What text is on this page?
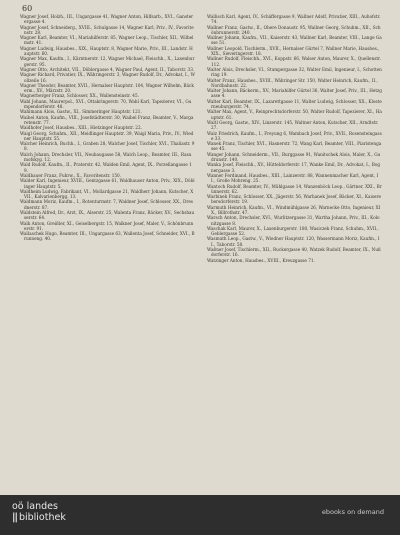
60

Wagner Josef, Holzh., III., Ungargasse 41, Wagner Anton, Hilfsarb., XVI., Gansterergasse 4.

Wagner Josef, Schneiderg., XVIII., Schulgasse 14, Wagner Karl, Priv., IV., Favoritenstr. 28.

Wagner Karl, Beamter, VI., Mariahilferstr. 85, Wagner Leop., Tischler, XII., Wilhelmstr. 41.

Wagner Ludwig, Hausbes., XIX., Hauptstr. 8, Wagner Marie, Priv., III., Landstr. Hauptstr. 60.

Wagner Max, Kaufm., I., Kärntnerstr. 12, Wagner Michael, Fleischh., X., Laxenburgerstr. 95.

Wagner Otto, Architekt, VII., Döblergasse 4, Wagner Paul, Agent, II., Taborstr. 33.

Wagner Richard, Privatier, IX., Währingerstr. 3, Wagner Rudolf, Dr., Advokat, I., Wollzeile 16.

Wagner Theodor, Beamter, XVII., Hernalser Hauptstr. 104, Wagner Wilhelm, Bäckerm., XV., Märzstr. 20.

Wagnerberger Franz, Schlosser, XX., Wallensteinstr. 45.

Wahl Johann, Maurerpol., XVI., Ottakringerstr. 70, Wahl Karl, Tapezierer, VI., Gumpendorferstr. 48.

Wahlmann Alois, Gastw., XI., Simmeringer Hauptstr. 121.

Waibel Anton, Kaufm., VIII., Josefstädterstr. 30, Waibel Franz, Beamter, V., Margaretenstr. 77.

Waidhofer Josef, Hausbes., XIII., Hietzinger Hauptstr. 22.

Waigl Georg, Schuhm., XII., Meidlinger Hauptstr. 39, Waigl Maria, Priv., IV., Wiedner Hauptstr. 55.

Walcher Heinrich, Buchh., I., Graben 28, Walcher Josef, Tischler, XVI., Thaliastr. 98.

Walch Johann, Drechsler, VII., Neubaugasse 58, Walch Leop., Beamter, III., Rasumofskyg. 12.

Wald Rudolf, Kaufm., II., Praterstr. 42, Walden Emil, Agent, IX., Porzellangasse 19.

Waldbauer Franz, Fuhrw., X., Favoritenstr. 150.

Walder Karl, Ingenieur, XVIII., Gentzgasse 61, Waldhauser Anton, Priv., XIX., Döblinger Hauptstr. 5.

Waldheim Ludwig, Fabrikant, VI., Mollardgasse 21, Waldherr Johann, Kutscher, XVII., Kalvarienbergg. 13.

Waldmann Moriz, Kaufm., I., Rotenturmstr. 7, Waldner Josef, Schlosser, XX., Dresdnerstr. 87.

Waldstein Alfred, Dr., Arzt, IX., Alserstr. 25, Walenta Franz, Bäcker, XV., Sechshauserstr. 64.

Walk Anton, Greißler, XI., Geiselbergstr. 15, Walkner Josef, Maler, V., Schönbrunnerstr. 91.

Wallaschek Hugo, Beamter, III., Ungargasse 63, Wallenta Josef, Schneider, XVI., Brunneng. 40.

Wallisch Karl, Agent, IV., Schäffergasse 9, Wallner Adolf, Privatier, XIII., Auhofstr. 74.

Wallner Franz, Gastw., II., Obere Donaustr. 95, Wallner Georg, Schuhm., XII., Schönbrunnerstr. 240.

Wallner Johann, Kaufm., VII., Kaiserstr. 43, Wallner Karl, Beamter, VIII., Lange Gasse 51.

Wallner Leopold, Tischlerm., XVII., Hernalser Gürtel 7, Wallner Marie, Hausbes., XIX., Sieveringerstr. 18.

Wallner Rudolf, Fleischh., XVI., Koppstr. 66, Walser Anton, Maurer, X., Quellenstr. 112.

Walter Alois, Drechsler, VI., Stumpergasse 32, Walter Emil, Ingenieur, I., Schottenring 19.

Walter Franz, Hausbes., XVIII., Währinger Str. 150, Walter Heinrich, Kaufm., II., Nordbahnstr. 22.

Walter Johann, Bäckerm., XV., Mariahilfer Gürtel 36, Walter Josef, Priv., III., Hetzgasse 4.

Walter Karl, Beamter, IX., Lazarettgasse 11, Walter Ludwig, Schlosser, XX., Klosterneuburgerstr. 74.

Walter Max, Agent, V., Reinprechtsdorferstr. 50, Walter Rudolf, Tapezierer, XI., Hauptstr. 61.

Waltl Georg, Gastw., XIV., Linzerstr. 145, Waltner Anton, Kutscher, XII., Arndtstr. 27.

Walz Friedrich, Kaufm., I., Freyung 6, Wambach Josef, Priv., XVII., Rosensteingasse 33.

Wanek Franz, Tischler, XVI., Hasnerstr. 72, Wang Karl, Beamter, VIII., Piaristengasse 45.

Wanger Johann, Schneiderm., VII., Burggasse 91, Wanitschek Alois, Maler, X., Gudrunstr. 140.

Wanka Josef, Fleischh., XV., Hütteldorferstr. 17, Wanke Emil, Dr., Advokat, I., Bognergasse 3.

Wanner Ferdinand, Hausbes., XIII., Lainzerstr. 88, Wannenmacher Karl, Agent, II., Große Mohreng. 25.

Wantoch Rudolf, Beamter, IV., Mühlgasse 14, Wanzenböck Leop., Gärtner, XXI., Brünnerstr. 62.

Warbinek Franz, Schlosser, XX., Jägerstr. 56, Warhanek Josef, Bäcker, XI., Kaiserebersdorferstr. 19.

Warmuth Heinrich, Kaufm., VI., Windmühlgasse 26, Warnecke Otto, Ingenieur, XIX., Billrothstr. 47.

Warsch Anton, Drechsler, XVI., Wurlitzergasse 31, Wartha Johann, Priv., III., Kolonitzgasse 8.

Waschak Karl, Maurer, X., Laxenburgerstr. 180, Wasiczek Franz, Schuhm., XVII., Geblergasse 52.

Wasmuth Leop., Gastw., V., Wiedner Hauptstr. 120, Wassermann Moriz, Kaufm., II., Taborstr. 58.

Waßner Josef, Tischlerm., XII., Ruckergasse 40, Watzek Rudolf, Beamter, IX., Nußdorferstr. 16.

Watzinger Anton, Hausbes., XVIII., Kreuzgasse 71.

oö landes
|| bibliothek	ebooks on demand
